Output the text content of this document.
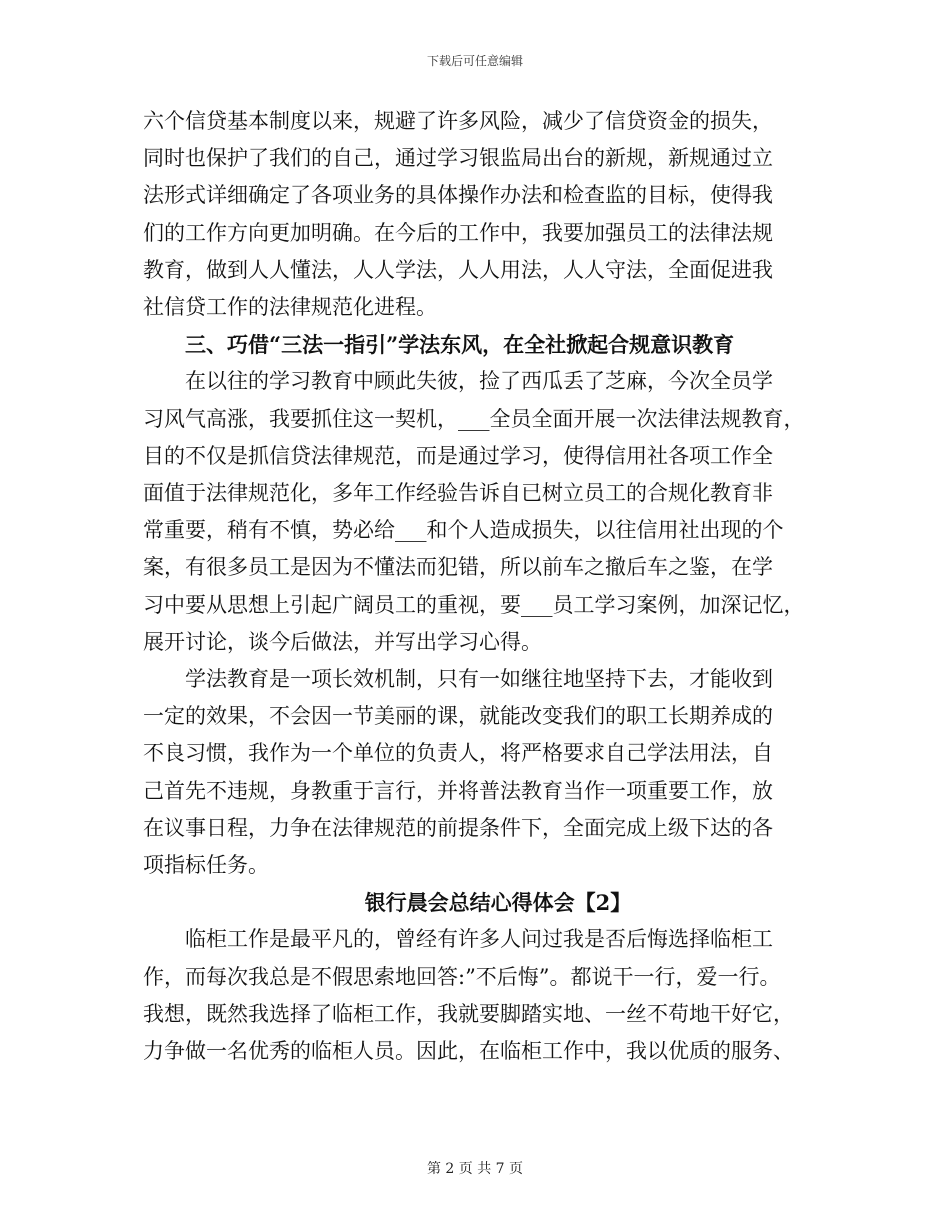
下载后可任意编辑

六个信贷基本制度以来，规避了许多风险，减少了信贷资金的损失，

同时也保护了我们的自己，通过学习银监局出台的新规，新规通过立

法形式详细确定了各项业务的具体操作办法和检查监的目标，使得我

们的工作方向更加明确。在今后的工作中，我要加强员工的法律法规

教育，做到人人懂法，人人学法，人人用法，人人守法，全面促进我

社信贷工作的法律规范化进程。

　　三、巧借“三法一指引”学法东风，在全社掀起合规意识教育

　　在以往的学习教育中顾此失彼，捡了西瓜丢了芝麻，今次全员学

习风气高涨，我要抓住这一契机，___全员全面开展一次法律法规教育，

目的不仅是抓信贷法律规范，而是通过学习，使得信用社各项工作全

面值于法律规范化，多年工作经验告诉自已树立员工的合规化教育非

常重要，稍有不慎，势必给___和个人造成损失，以往信用社出现的个

案，有很多员工是因为不懂法而犯错，所以前车之撤后车之鉴，在学

习中要从思想上引起广阔员工的重视，要___员工学习案例，加深记忆，

展开讨论，谈今后做法，并写出学习心得。

　　学法教育是一项长效机制，只有一如继往地坚持下去，才能收到

一定的效果，不会因一节美丽的课，就能改变我们的职工长期养成的

不良习惯，我作为一个单位的负责人，将严格要求自己学法用法，自

己首先不违规，身教重于言行，并将普法教育当作一项重要工作，放

在议事日程，力争在法律规范的前提条件下，全面完成上级下达的各

项指标任务。

银行晨会总结心得体会【2】

　　临柜工作是最平凡的，曾经有许多人问过我是否后悔选择临柜工

作，而每次我总是不假思索地回答:”不后悔”。都说干一行，爱一行。

我想，既然我选择了临柜工作，我就要脚踏实地、一丝不苟地干好它，

力争做一名优秀的临柜人员。因此，在临柜工作中，我以优质的服务、

第 2 页 共 7 页
